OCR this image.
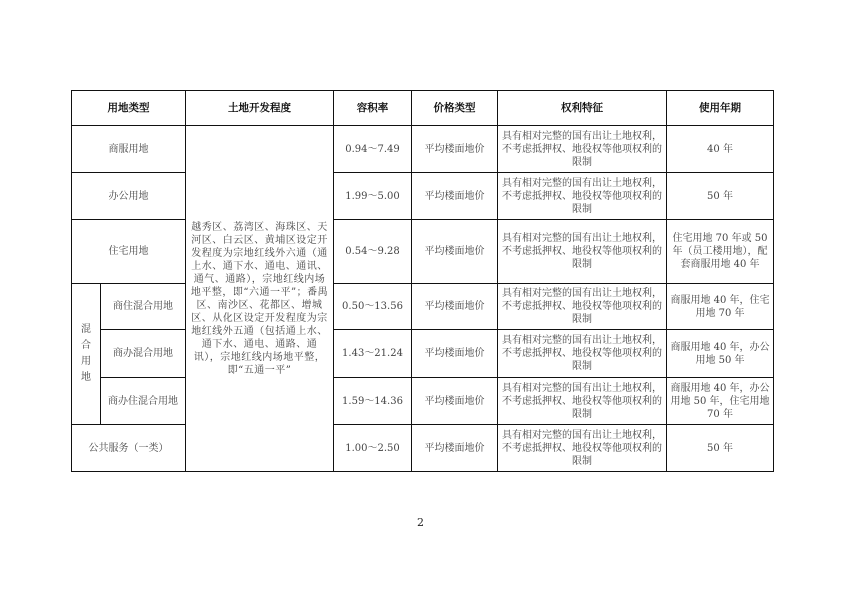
用地类型		土地开发程度	容积率	价格类型	权利特征	使用年期
商服用地		越秀区、荔湾区、海珠区、天河区、白云区、黄埔区设定开发程度为宗地红线外六通（通上水、通下水、通电、通讯、通气、通路），宗地红线内场地平整，即“六通一平”；番禺区、南沙区、花都区、增城区、从化区设定开发程度为宗地红线外五通（包括通上水、通下水、通电、通路、通讯），宗地红线内场地平整，即“五通一平”	0.94～7.49	平均楼面地价	具有相对完整的国有出让土地权利，不考虑抵押权、地役权等他项权利的限制	40 年
办公用地			1.99～5.00	平均楼面地价	具有相对完整的国有出让土地权利，不考虑抵押权、地役权等他项权利的限制	50 年
住宅用地			0.54～9.28	平均楼面地价	具有相对完整的国有出让土地权利，不考虑抵押权、地役权等他项权利的限制	住宅用地 70 年或 50 年（员工楼用地），配套商服用地 40 年

混合用地	商住混合用地		0.50～13.56	平均楼面地价	具有相对完整的国有出让土地权利，不考虑抵押权、地役权等他项权利的限制	商服用地 40 年，住宅用地 70 年
	商办混合用地		1.43～21.24	平均楼面地价	具有相对完整的国有出让土地权利，不考虑抵押权、地役权等他项权利的限制	商服用地 40 年，办公用地 50 年
	商办住混合用地		1.59～14.36	平均楼面地价	具有相对完整的国有出让土地权利，不考虑抵押权、地役权等他项权利的限制	商服用地 40 年，办公用地 50 年，住宅用地 70 年
公共服务（一类）			1.00～2.50	平均楼面地价	具有相对完整的国有出让土地权利，不考虑抵押权、地役权等他项权利的限制	50 年
2
